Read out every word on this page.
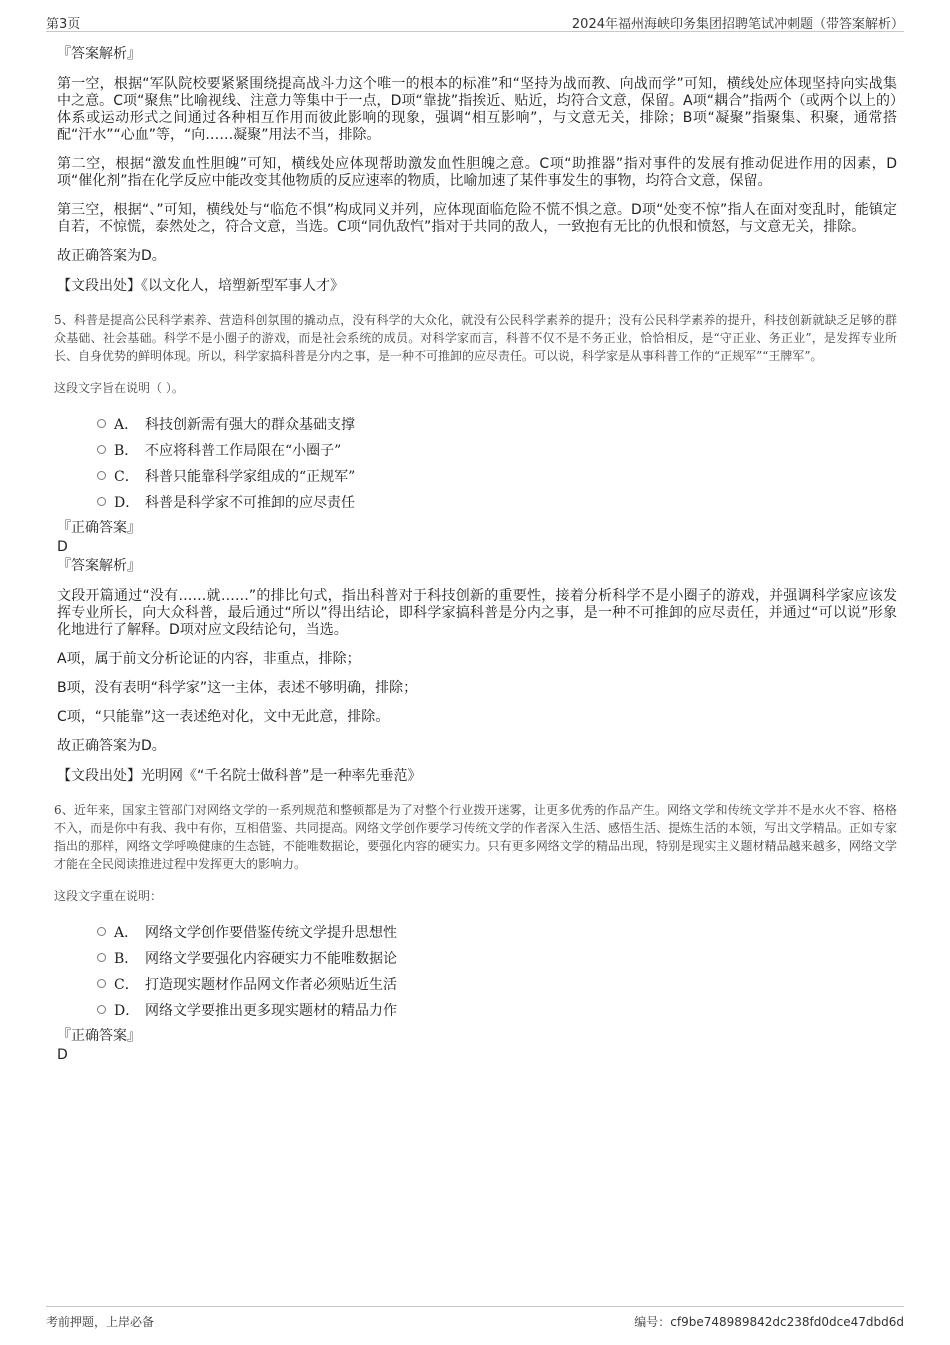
第3页	2024年福州海峡印务集团招聘笔试冲刺题（带答案解析）
『答案解析』

第一空，根据“军队院校要紧紧围绕提高战斗力这个唯一的根本的标准”和“坚持为战而教、向战而学”可知，横线处应体现坚持向实战集中之意。C项“聚焦”比喻视线、注意力等集中于一点，D项“靠拢”指挨近、贴近，均符合文意，保留。A项“耦合”指两个（或两个以上的）体系或运动形式之间通过各种相互作用而彼此影响的现象，强调“相互影响”，与文意无关，排除；B项“凝聚”指聚集、积聚，通常搭配“汗水”“心血”等，“向……凝聚”用法不当，排除。

第二空，根据“激发血性胆魄”可知，横线处应体现帮助激发血性胆魄之意。C项“助推器”指对事件的发展有推动促进作用的因素，D项“催化剂”指在化学反应中能改变其他物质的反应速率的物质，比喻加速了某件事发生的事物，均符合文意，保留。

第三空，根据“、”可知，横线处与“临危不惧”构成同义并列，应体现面临危险不慌不惧之意。D项“处变不惊”指人在面对变乱时，能镇定自若，不惊慌，泰然处之，符合文意，当选。C项“同仇敌忾”指对于共同的敌人，一致抱有无比的仇恨和愤怒，与文意无关，排除。

故正确答案为D。

【文段出处】《以文化人，培塑新型军事人才》

5、科普是提高公民科学素养、营造科创氛围的撬动点，没有科学的大众化，就没有公民科学素养的提升；没有公民科学素养的提升，科技创新就缺乏足够的群众基础、社会基础。科学不是小圈子的游戏，而是社会系统的成员。对科学家而言，科普不仅不是不务正业，恰恰相反，是“守正业、务正业”，是发挥专业所长、自身优势的鲜明体现。所以，科学家搞科普是分内之事，是一种不可推卸的应尽责任。可以说，科学家是从事科普工作的“正规军”“王牌军”。

这段文字旨在说明（ ）。

A． 科技创新需有强大的群众基础支撑
B． 不应将科普工作局限在“小圈子”
C． 科普只能靠科学家组成的“正规军”
D． 科普是科学家不可推卸的应尽责任
『正确答案』
D
『答案解析』

文段开篇通过“没有……就……”的排比句式，指出科普对于科技创新的重要性，接着分析科学不是小圈子的游戏，并强调科学家应该发挥专业所长，向大众科普，最后通过“所以”得出结论，即科学家搞科普是分内之事，是一种不可推卸的应尽责任，并通过“可以说”形象化地进行了解释。D项对应文段结论句，当选。

A项，属于前文分析论证的内容，非重点，排除；

B项，没有表明“科学家”这一主体，表述不够明确，排除；

C项，“只能靠”这一表述绝对化，文中无此意，排除。

故正确答案为D。

【文段出处】光明网《“千名院士做科普”是一种率先垂范》

6、近年来，国家主管部门对网络文学的一系列规范和整顿都是为了对整个行业拨开迷雾，让更多优秀的作品产生。网络文学和传统文学并不是水火不容、格格不入，而是你中有我、我中有你，互相借鉴、共同提高。网络文学创作要学习传统文学的作者深入生活、感悟生活、提炼生活的本领，写出文学精品。正如专家指出的那样，网络文学呼唤健康的生态链，不能唯数据论，要强化内容的硬实力。只有更多网络文学的精品出现，特别是现实主义题材精品越来越多，网络文学才能在全民阅读推进过程中发挥更大的影响力。

这段文字重在说明：

A． 网络文学创作要借鉴传统文学提升思想性
B． 网络文学要强化内容硬实力不能唯数据论
C． 打造现实题材作品网文作者必须贴近生活
D． 网络文学要推出更多现实题材的精品力作
『正确答案』
D
考前押题，上岸必备	编号：cf9be748989842dc238fd0dce47dbd6d
